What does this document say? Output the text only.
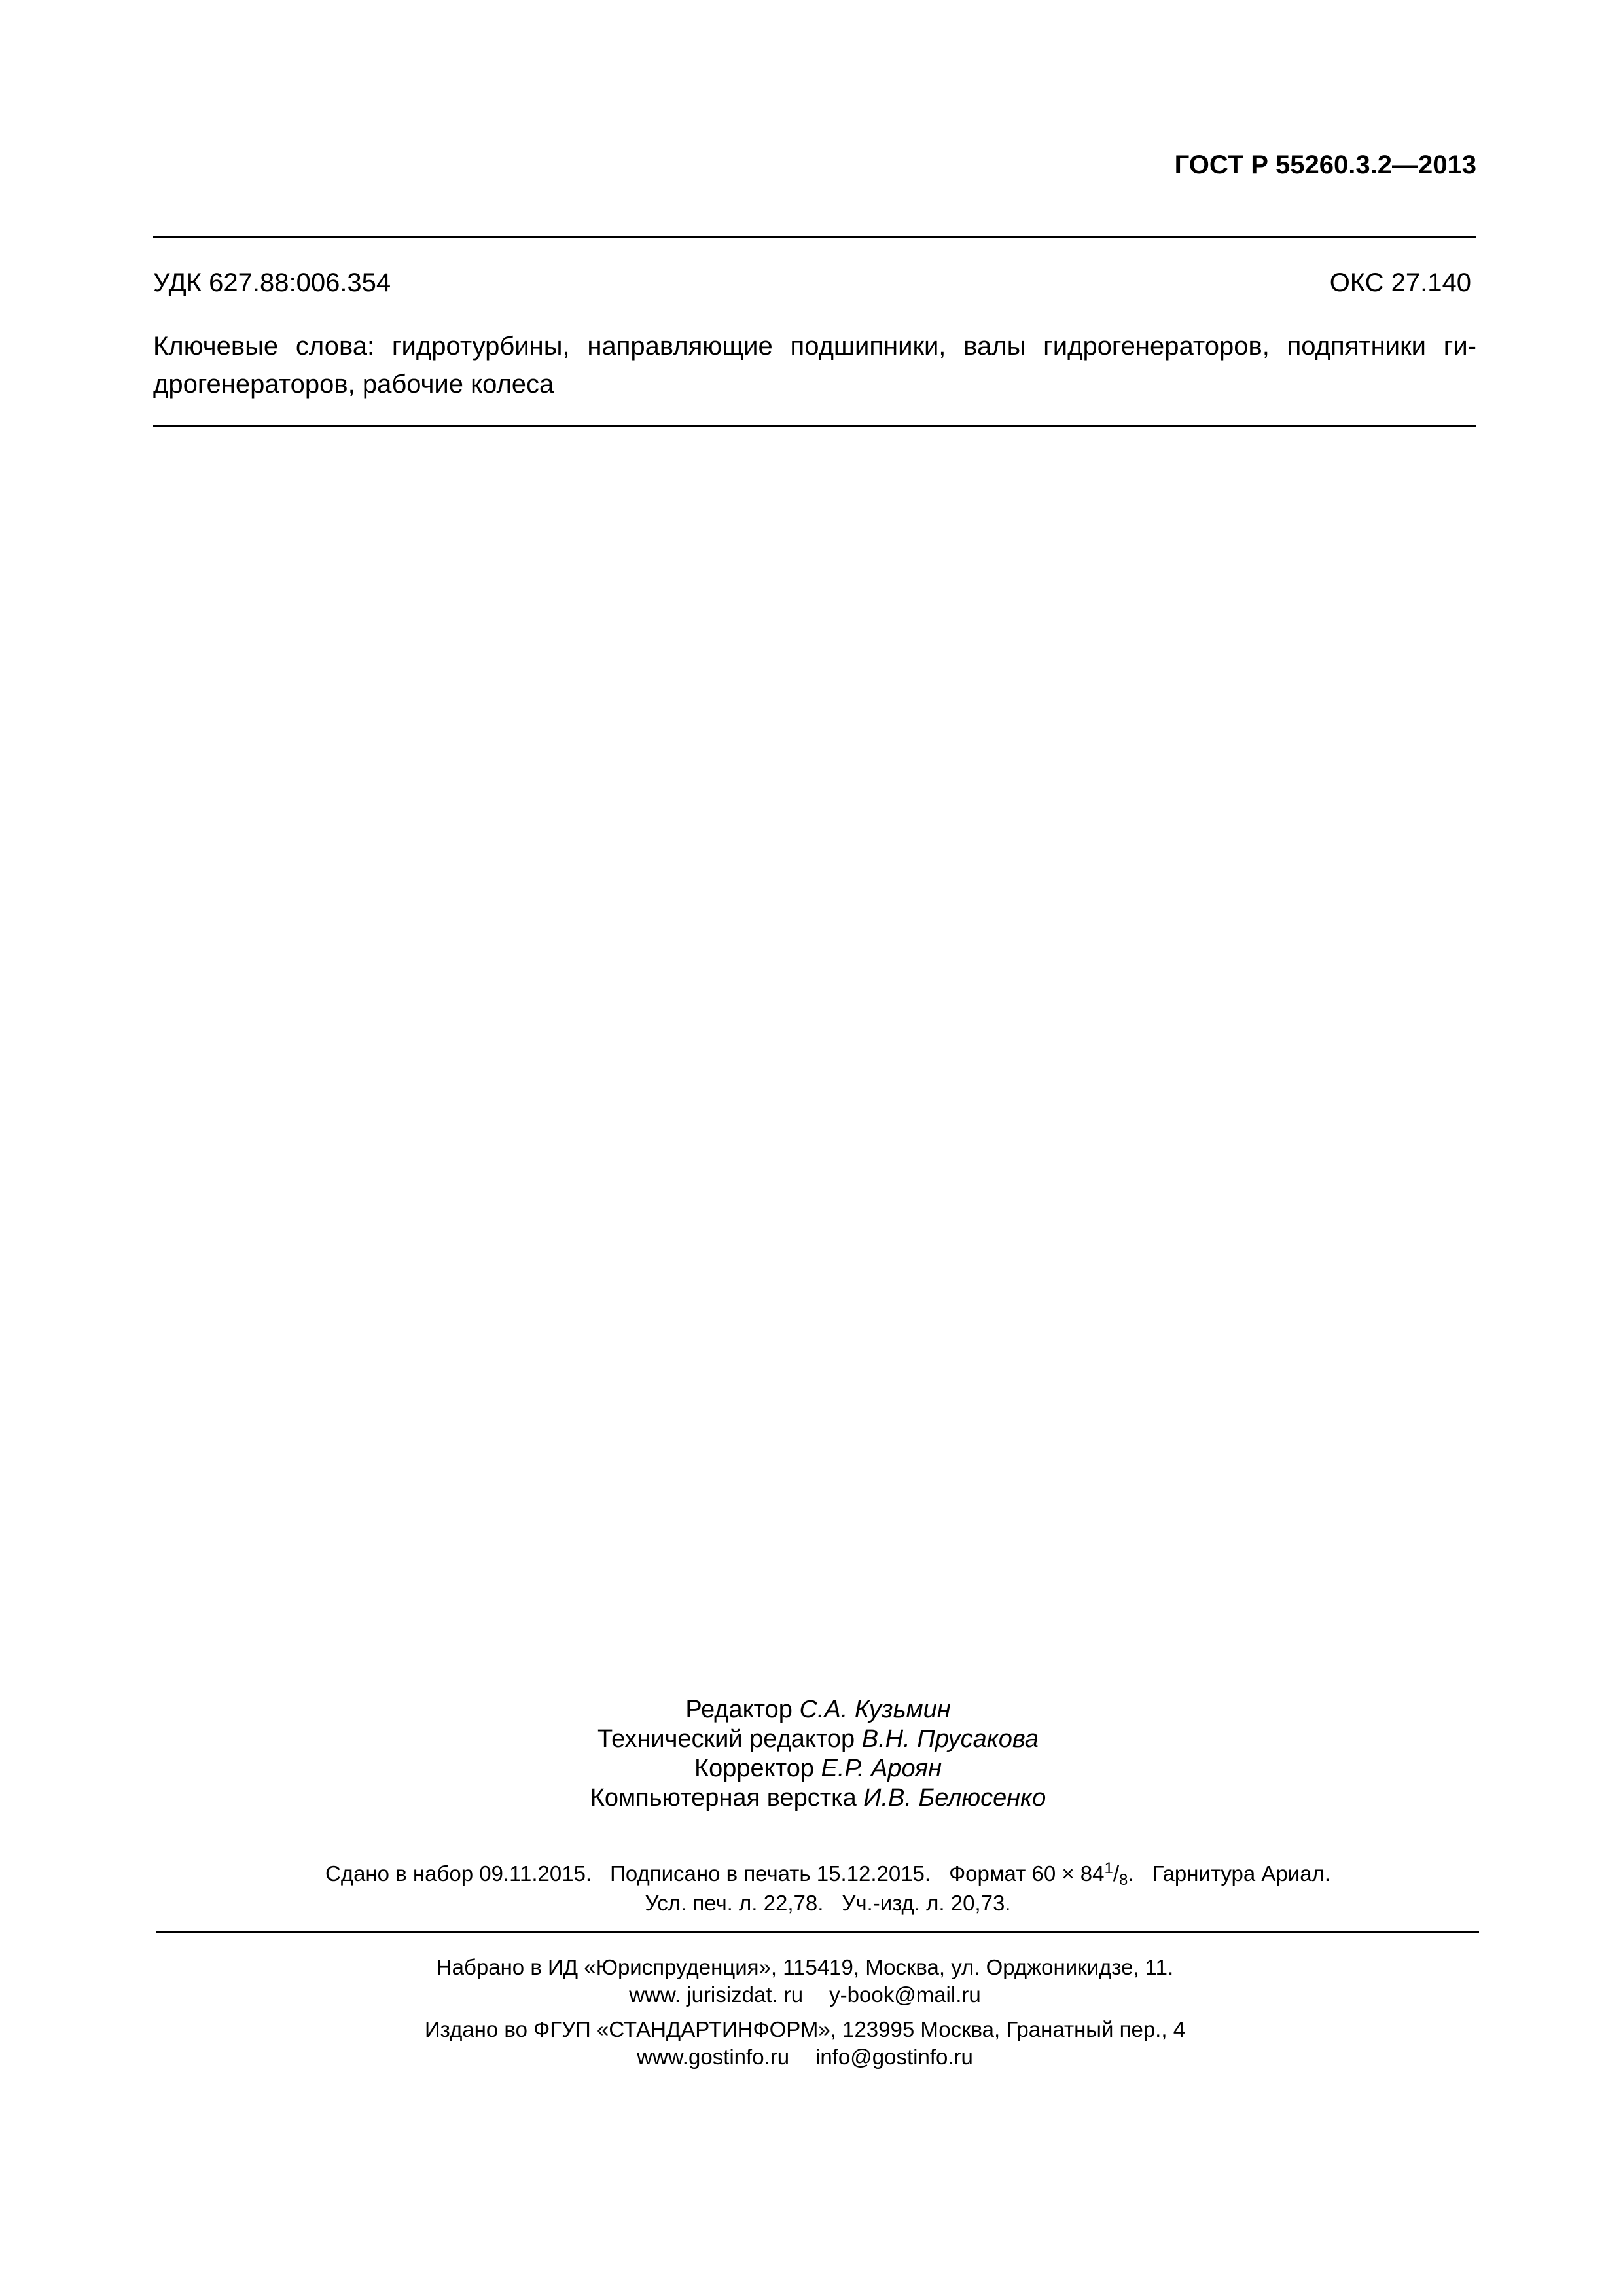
ГОСТ Р 55260.3.2—2013
УДК 627.88:006.354	ОКС 27.140
Ключевые слова: гидротурбины, направляющие подшипники, валы гидрогенераторов, подпятники ги-
дрогенераторов, рабочие колеса
Редактор С.А. Кузьмин
Технический редактор В.Н. Прусакова
Корректор Е.Р. Ароян
Компьютерная верстка И.В. Белюсенко
Сдано в набор 09.11.2015. Подписано в печать 15.12.2015. Формат $60 \times 84^1/_8$. Гарнитура Ариал.
Усл. печ. л. 22,78. Уч.-изд. л. 20,73.
Набрано в ИД «Юриспруденция», 115419, Москва, ул. Орджоникидзе, 11.
www. jurisizdat. ru y-book@mail.ru
Издано во ФГУП «СТАНДАРТИНФОРМ», 123995 Москва, Гранатный пер., 4
www.gostinfo.ru info@gostinfo.ru
